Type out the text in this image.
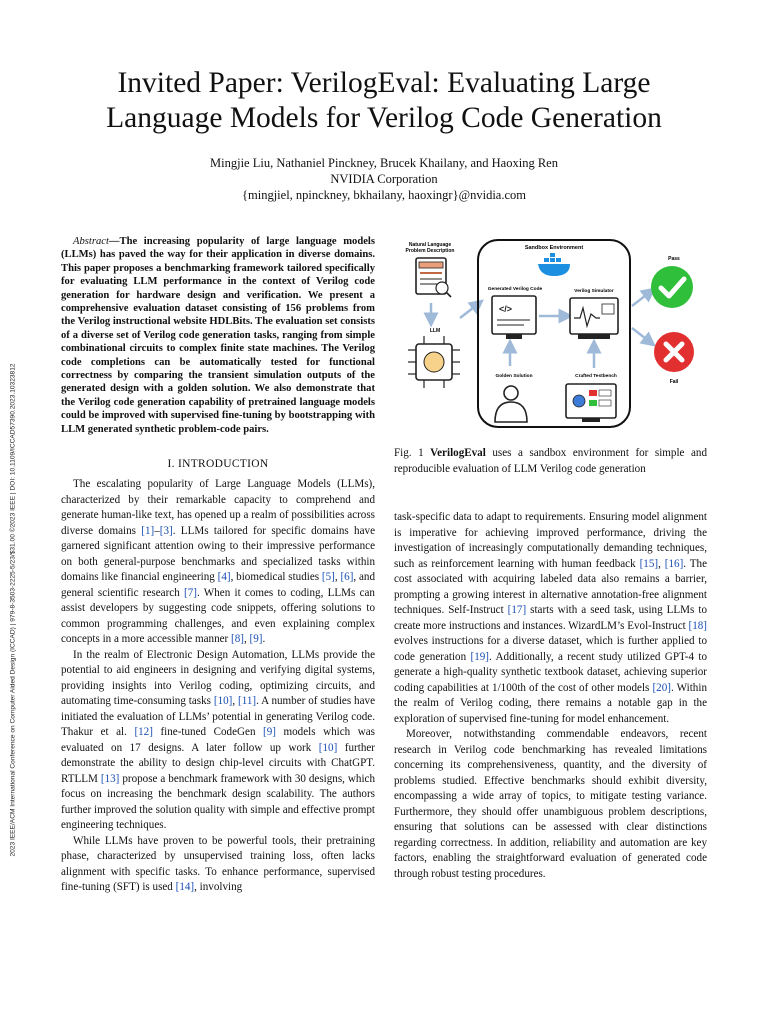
2023 IEEE/ACM International Conference on Computer Aided Design (ICCAD) | 979-8-3503-2225-5/23/$31.00 ©2023 IEEE | DOI: 10.1109/ICCAD57390.2023.10323812
Invited Paper: VerilogEval: Evaluating Large
Language Models for Verilog Code Generation
Mingjie Liu, Nathaniel Pinckney, Brucek Khailany, and Haoxing Ren
NVIDIA Corporation
{mingjiel, npinckney, bkhailany, haoxingr}@nvidia.com

Abstract—The increasing popularity of large language models (LLMs) has paved the way for their application in diverse domains. This paper proposes a benchmarking framework tailored specifically for evaluating LLM performance in the context of Verilog code generation for hardware design and verification. We present a comprehensive evaluation dataset consisting of 156 problems from the Verilog instructional website HDLBits. The evaluation set consists of a diverse set of Verilog code generation tasks, ranging from simple combinational circuits to complex finite state machines. The Verilog code completions can be automatically tested for functional correctness by comparing the transient simulation outputs of the generated design with a golden solution. We also demonstrate that the Verilog code generation capability of pretrained language models could be improved with supervised fine-tuning by bootstrapping with LLM generated synthetic problem-code pairs.

I. INTRODUCTION

The escalating popularity of Large Language Models (LLMs), characterized by their remarkable capacity to comprehend and generate human-like text, has opened up a realm of possibilities across diverse domains [1]–[3]. LLMs tailored for specific domains have garnered significant attention owing to their impressive performance on both general-purpose benchmarks and specialized tasks within domains like financial engineering [4], biomedical studies [5], [6], and general scientific research [7]. When it comes to coding, LLMs can assist developers by suggesting code snippets, offering solutions to common programming challenges, and even explaining complex concepts in a more accessible manner [8], [9].

In the realm of Electronic Design Automation, LLMs provide the potential to aid engineers in designing and verifying digital systems, providing insights into Verilog coding, optimizing circuits, and automating time-consuming tasks [10], [11]. A number of studies have initiated the evaluation of LLMs’ potential in generating Verilog code. Thakur et al. [12] fine-tuned CodeGen [9] models which was evaluated on 17 designs. A later follow up work [10] further demonstrate the ability to design chip-level circuits with ChatGPT. RTLLM [13] propose a benchmark framework with 30 designs, which focus on increasing the benchmark design scalability. The authors further improved the solution quality with simple and effective prompt engineering techniques.

While LLMs have proven to be powerful tools, their pretraining phase, characterized by unsupervised training loss, often lacks alignment with specific tasks. To enhance performance, supervised fine-tuning (SFT) is used [14], involving

Natural Language
Problem Description
LLM
Sandbox Environment
Generated Verilog Code	Verilog Simulator
</>
Golden Solution	Crafted Testbench
Pass
Fail
Fig. 1 VerilogEval uses a sandbox environment for simple and reproducible evaluation of LLM Verilog code generation

task-specific data to adapt to requirements. Ensuring model alignment is imperative for achieving improved performance, driving the investigation of increasingly computationally demanding techniques, such as reinforcement learning with human feedback [15], [16]. The cost associated with acquiring labeled data also remains a barrier, prompting a growing interest in alternative annotation-free alignment techniques. Self-Instruct [17] starts with a seed task, using LLMs to create more instructions and instances. WizardLM’s Evol-Instruct [18] evolves instructions for a diverse dataset, which is further applied to code generation [19]. Additionally, a recent study utilized GPT-4 to generate a high-quality synthetic textbook dataset, achieving superior coding capabilities at 1/100th of the cost of other models [20]. Within the realm of Verilog coding, there remains a notable gap in the exploration of supervised fine-tuning for model enhancement.

Moreover, notwithstanding commendable endeavors, recent research in Verilog code benchmarking has revealed limitations concerning its comprehensiveness, quantity, and the diversity of problems studied. Effective benchmarks should exhibit diversity, encompassing a wide array of topics, to mitigate testing variance. Furthermore, they should offer unambiguous problem descriptions, ensuring that solutions can be assessed with clear distinctions regarding correctness. In addition, reliability and automation are key factors, enabling the straightforward evaluation of generated code through robust testing procedures.
